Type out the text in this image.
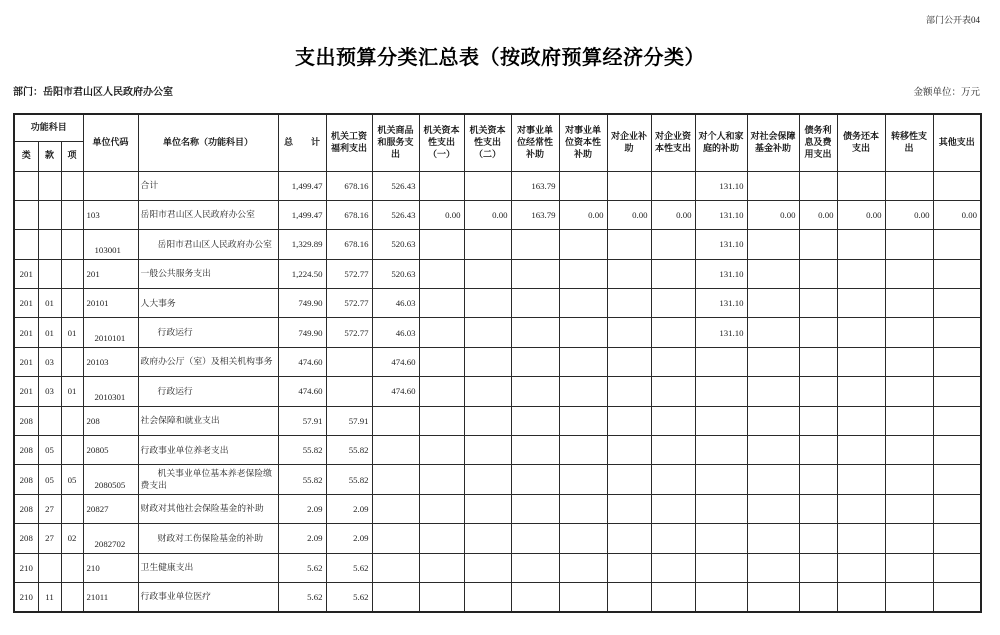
部门公开表04
支出预算分类汇总表（按政府预算经济分类）
部门：岳阳市君山区人民政府办公室	金额单位：万元
功能科目			单位代码	单位名称（功能科目）	总　　计	机关工资福利支出	机关商品和服务支出	机关资本性支出（一）	机关资本性支出（二）	对事业单位经常性补助	对事业单位资本性补助	对企业补助	对企业资本性支出	对个人和家庭的补助	对社会保障基金补助	债务利息及费用支出	债务还本支出	转移性支出	其他支出
类	款	项																	
				合计	1,499.47	678.16	526.43			163.79				131.10					
			103	岳阳市君山区人民政府办公室	1,499.47	678.16	526.43	0.00	0.00	163.79	0.00	0.00	0.00	131.10	0.00	0.00	0.00	0.00	0.00
			103001	岳阳市君山区人民政府办公室	1,329.89	678.16	520.63							131.10					
201			201	一般公共服务支出	1,224.50	572.77	520.63							131.10					
201	01		20101	人大事务	749.90	572.77	46.03							131.10					
201	01	01	2010101	行政运行	749.90	572.77	46.03							131.10					
201	03		20103	政府办公厅（室）及相关机构事务	474.60		474.60												
201	03	01	2010301	行政运行	474.60		474.60												
208			208	社会保障和就业支出	57.91	57.91													
208	05		20805	行政事业单位养老支出	55.82	55.82													
208	05	05	2080505	机关事业单位基本养老保险缴费支出	55.82	55.82													
208	27		20827	财政对其他社会保险基金的补助	2.09	2.09													
208	27	02	2082702	财政对工伤保险基金的补助	2.09	2.09													
210			210	卫生健康支出	5.62	5.62													
210	11		21011	行政事业单位医疗	5.62	5.62													
